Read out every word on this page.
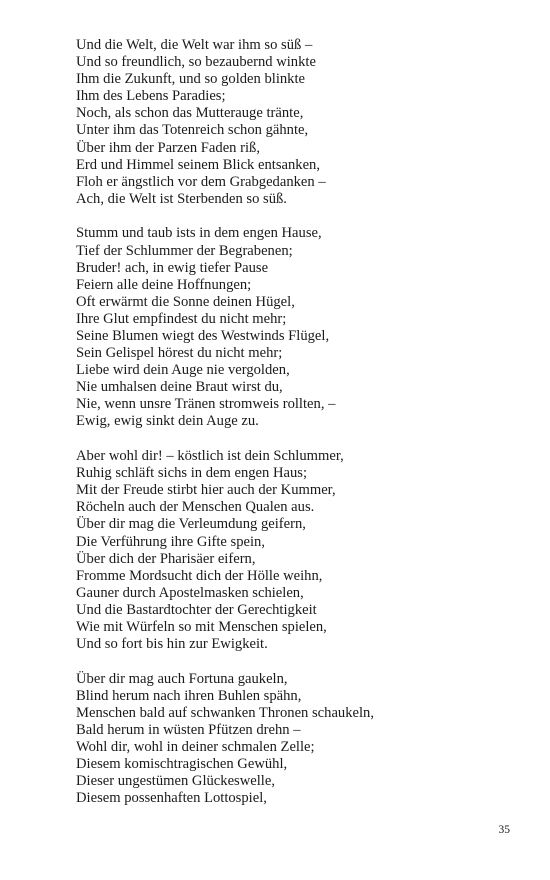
Und die Welt, die Welt war ihm so süß –
Und so freundlich, so bezaubernd winkte
Ihm die Zukunft, und so golden blinkte
Ihm des Lebens Paradies;
Noch, als schon das Mutterauge tränte,
Unter ihm das Totenreich schon gähnte,
Über ihm der Parzen Faden riß,
Erd und Himmel seinem Blick entsanken,
Floh er ängstlich vor dem Grabgedanken –
Ach, die Welt ist Sterbenden so süß.
Stumm und taub ists in dem engen Hause,
Tief der Schlummer der Begrabenen;
Bruder! ach, in ewig tiefer Pause
Feiern alle deine Hoffnungen;
Oft erwärmt die Sonne deinen Hügel,
Ihre Glut empfindest du nicht mehr;
Seine Blumen wiegt des Westwinds Flügel,
Sein Gelispel hörest du nicht mehr;
Liebe wird dein Auge nie vergolden,
Nie umhalsen deine Braut wirst du,
Nie, wenn unsre Tränen stromweis rollten, –
Ewig, ewig sinkt dein Auge zu.
Aber wohl dir! – köstlich ist dein Schlummer,
Ruhig schläft sichs in dem engen Haus;
Mit der Freude stirbt hier auch der Kummer,
Röcheln auch der Menschen Qualen aus.
Über dir mag die Verleumdung geifern,
Die Verführung ihre Gifte spein,
Über dich der Pharisäer eifern,
Fromme Mordsucht dich der Hölle weihn,
Gauner durch Apostelmasken schielen,
Und die Bastardtochter der Gerechtigkeit
Wie mit Würfeln so mit Menschen spielen,
Und so fort bis hin zur Ewigkeit.
Über dir mag auch Fortuna gaukeln,
Blind herum nach ihren Buhlen spähn,
Menschen bald auf schwanken Thronen schaukeln,
Bald herum in wüsten Pfützen drehn –
Wohl dir, wohl in deiner schmalen Zelle;
Diesem komischtragischen Gewühl,
Dieser ungestümen Glückeswelle,
Diesem possenhaften Lottospiel,
35
